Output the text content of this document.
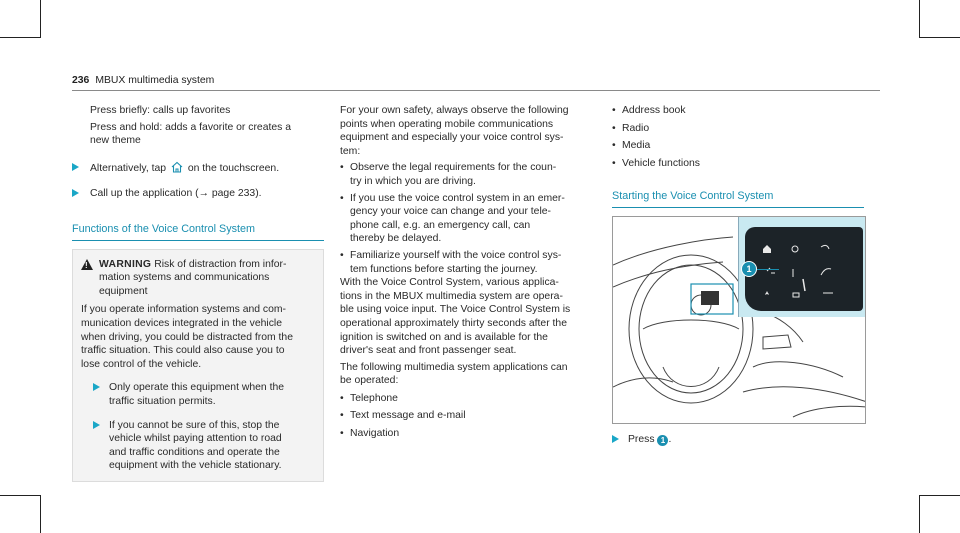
236 MBUX multimedia system

Press briefly: calls up favorites

Press and hold: adds a favorite or creates a

new theme

Alternatively, tap on the touchscreen.
Call up the application (→ page 233).
Functions of the Voice Control System
!

WARNING Risk of distraction from infor-

mation systems and communications

equipment

If you operate information systems and com-

munication devices integrated in the vehicle

when driving, you could be distracted from the

traffic situation. This could also cause you to

lose control of the vehicle.

Only operate this equipment when the

traffic situation permits.

If you cannot be sure of this, stop the

vehicle whilst paying attention to road

and traffic conditions and operate the

equipment with the vehicle stationary.

For your own safety, always observe the following

points when operating mobile communications

equipment and especially your voice control sys-

tem:

• Observe the legal requirements for the coun-

try in which you are driving.

• If you use the voice control system in an emer-

gency your voice can change and your tele-

phone call, e.g. an emergency call, can

thereby be delayed.

• Familiarize yourself with the voice control sys-

tem functions before starting the journey.

With the Voice Control System, various applica-

tions in the MBUX multimedia system are opera-

ble using voice input. The Voice Control System is

operational approximately thirty seconds after the

ignition is switched on and is available for the

driver's seat and front passenger seat.

The following multimedia system applications can

be operated:

• Telephone

• Text message and e-mail

• Navigation

• Address book

• Radio

• Media

• Vehicle functions

Starting the Voice Control System
1
Press 1 .
